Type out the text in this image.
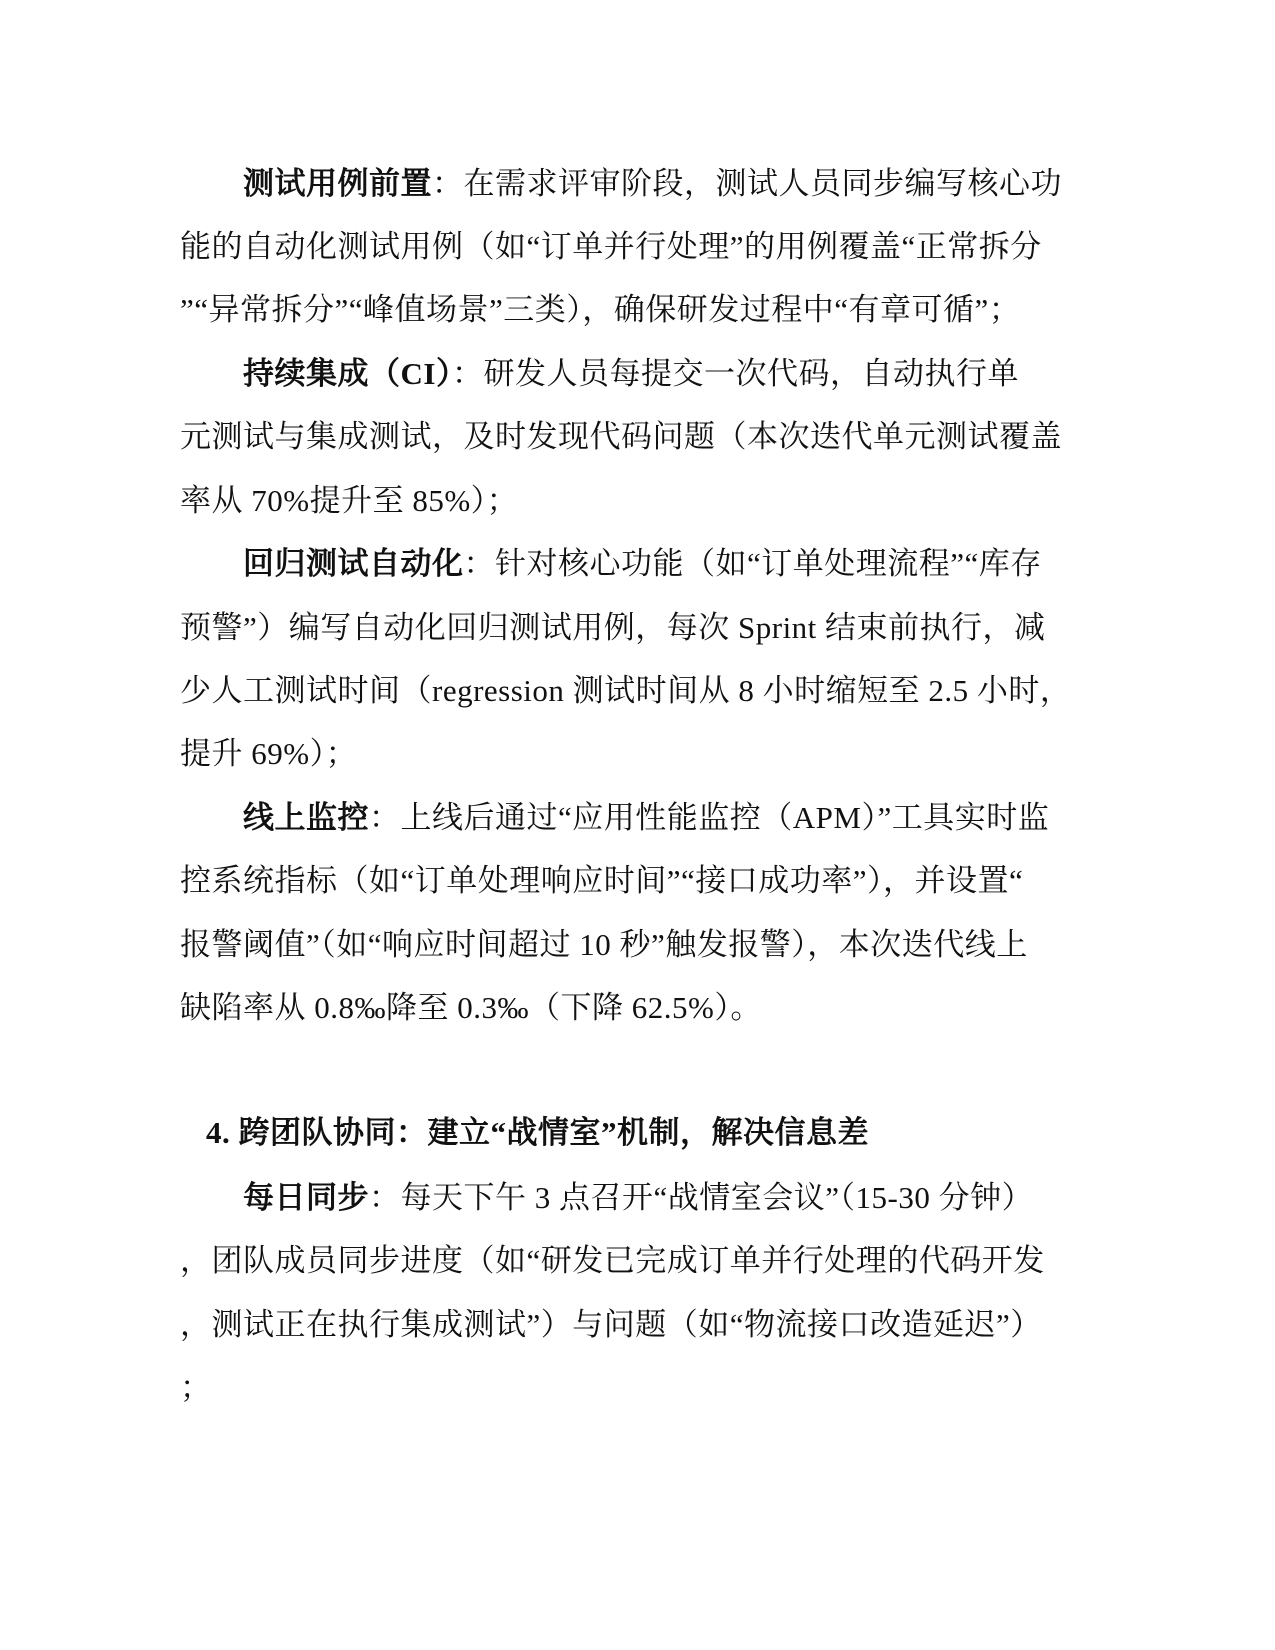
测试用例前置：在需求评审阶段，测试人员同步编写核心功
能的自动化测试用例（如“订单并行处理”的用例覆盖“正常拆分
”“异常拆分”“峰值场景”三类），确保研发过程中“有章可循”；
持续集成（CI）：研发人员每提交一次代码，自动执行单
元测试与集成测试，及时发现代码问题（本次迭代单元测试覆盖
率从 70%提升至 85%）；
回归测试自动化：针对核心功能（如“订单处理流程”“库存
预警”）编写自动化回归测试用例，每次 Sprint 结束前执行，减
少人工测试时间（regression 测试时间从 8 小时缩短至 2.5 小时，
提升 69%）；
线上监控：上线后通过“应用性能监控（APM）”工具实时监
控系统指标（如“订单处理响应时间”“接口成功率”），并设置“
报警阈值”（如“响应时间超过 10 秒”触发报警），本次迭代线上
缺陷率从 0.8‰降至 0.3‰（下降 62.5%）。
4. 跨团队协同：建立“战情室”机制，解决信息差
每日同步：每天下午 3 点召开“战情室会议”（15-30 分钟）
，团队成员同步进度（如“研发已完成订单并行处理的代码开发
，测试正在执行集成测试”）与问题（如“物流接口改造延迟”）
；
